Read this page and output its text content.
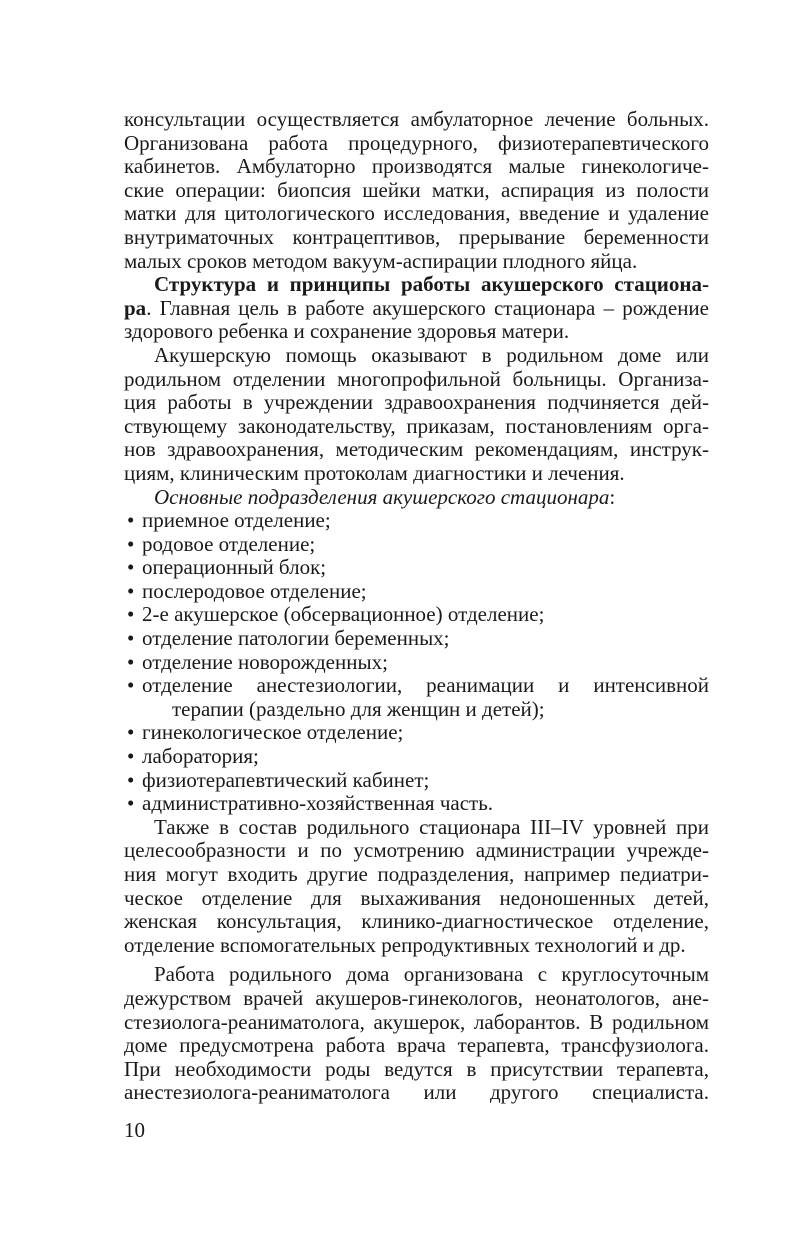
консультации осуществляется амбулаторное лечение больных.
Организована работа процедурного, физиотерапевтического
кабинетов. Амбулаторно производятся малые гинекологиче-
ские операции: биопсия шейки матки, аспирация из полости
матки для цитологического исследования, введение и удаление
внутриматочных контрацептивов, прерывание беременности
малых сроков методом вакуум-аспирации плодного яйца.
Структура и принципы работы акушерского стациона-
ра. Главная цель в работе акушерского стационара – рождение
здорового ребенка и сохранение здоровья матери.
Акушерскую помощь оказывают в родильном доме или
родильном отделении многопрофильной больницы. Организа-
ция работы в учреждении здравоохранения подчиняется дей-
ствующему законодательству, приказам, постановлениям орга-
нов здравоохранения, методическим рекомендациям, инструк-
циям, клиническим протоколам диагностики и лечения.
Основные подразделения акушерского стационара:
• приемное отделение;
• родовое отделение;
• операционный блок;
• послеродовое отделение;
• 2-е акушерское (обсервационное) отделение;
• отделение патологии беременных;
• отделение новорожденных;
• отделение анестезиологии, реанимации и интенсивной
терапии (раздельно для женщин и детей);
• гинекологическое отделение;
• лаборатория;
• физиотерапевтический кабинет;
• административно-хозяйственная часть.
Также в состав родильного стационара III–IV уровней при
целесообразности и по усмотрению администрации учрежде-
ния могут входить другие подразделения, например педиатри-
ческое отделение для выхаживания недоношенных детей,
женская консультация, клинико-диагностическое отделение,
отделение вспомогательных репродуктивных технологий и др.
Работа родильного дома организована с круглосуточным
дежурством врачей акушеров-гинекологов, неонатологов, ане-
стезиолога-реаниматолога, акушерок, лаборантов. В родильном
доме предусмотрена работа врача терапевта, трансфузиолога.
При необходимости роды ведутся в присутствии терапевта,
анестезиолога-реаниматолога или другого специалиста.
10
